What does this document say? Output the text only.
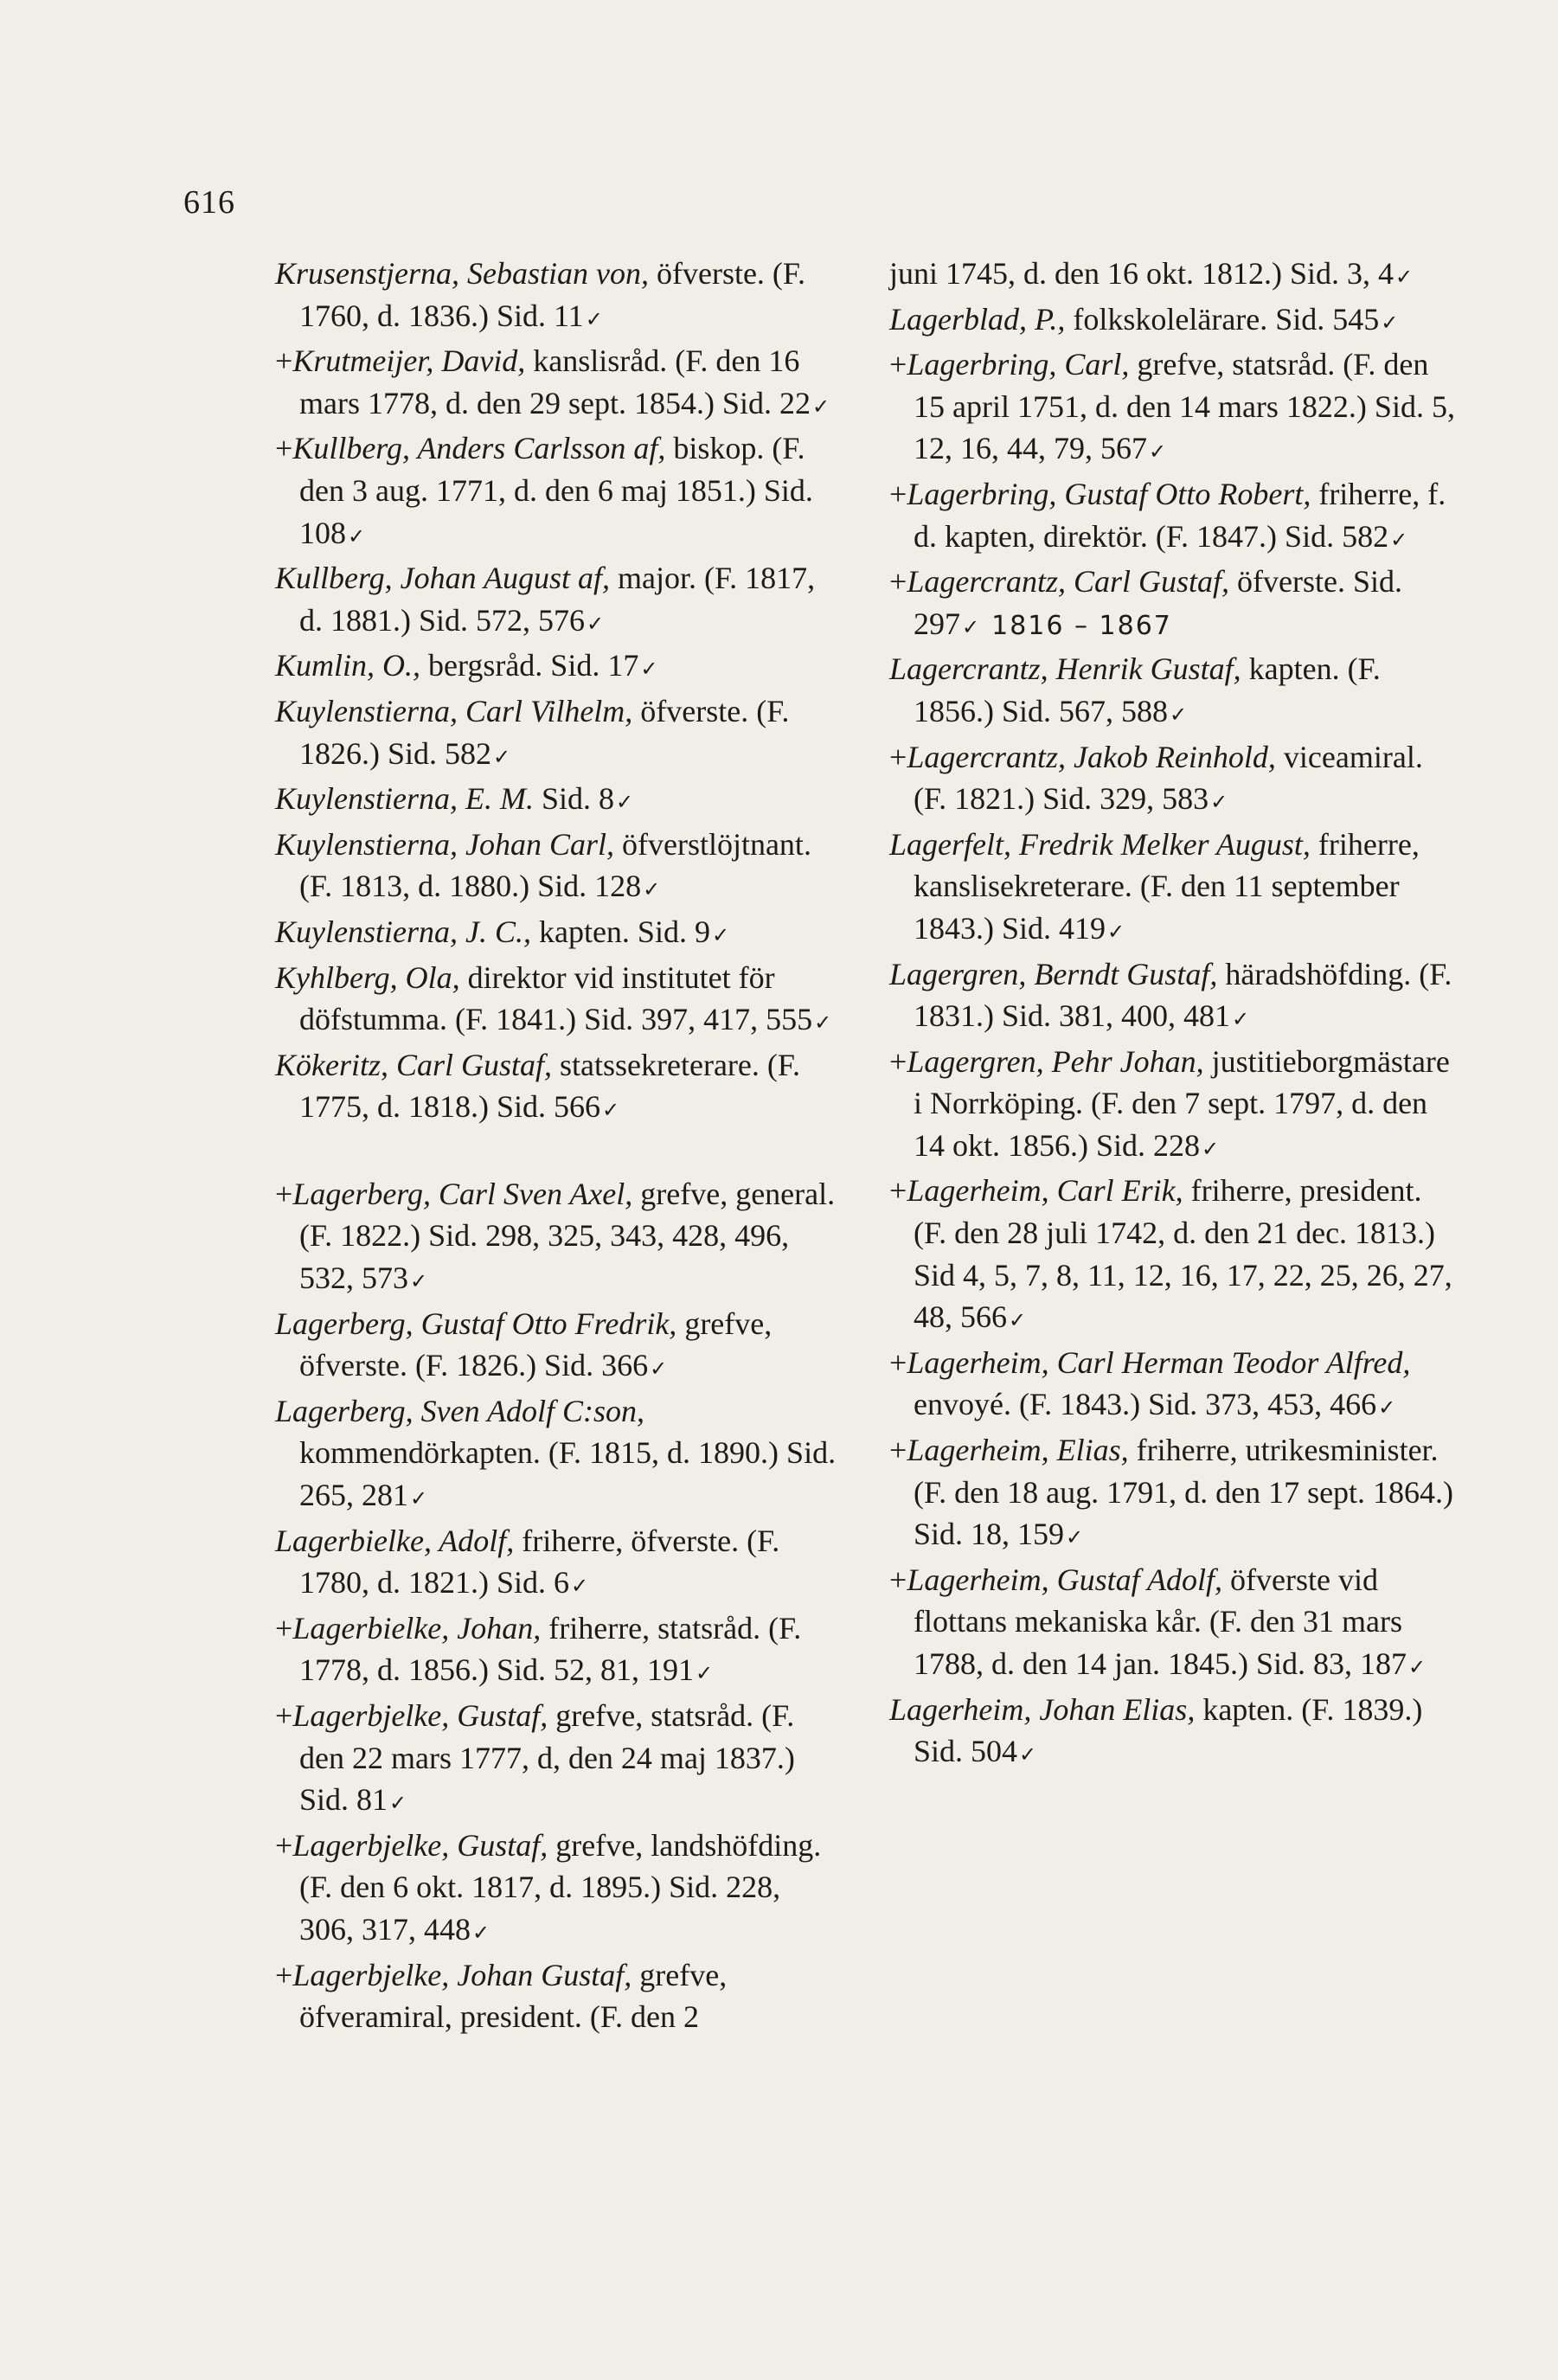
616

Krusenstjerna, Sebastian von, öfverste. (F. 1760, d. 1836.) Sid. 11✓

+Krutmeijer, David, kanslisråd. (F. den 16 mars 1778, d. den 29 sept. 1854.) Sid. 22✓

+Kullberg, Anders Carlsson af, biskop. (F. den 3 aug. 1771, d. den 6 maj 1851.) Sid. 108✓

Kullberg, Johan August af, major. (F. 1817, d. 1881.) Sid. 572, 576✓

Kumlin, O., bergsråd. Sid. 17✓

Kuylenstierna, Carl Vilhelm, öfverste. (F. 1826.) Sid. 582✓

Kuylenstierna, E. M. Sid. 8✓

Kuylenstierna, Johan Carl, öfverstlöjtnant. (F. 1813, d. 1880.) Sid. 128✓

Kuylenstierna, J. C., kapten. Sid. 9✓

Kyhlberg, Ola, direktor vid institutet för döfstumma. (F. 1841.) Sid. 397, 417, 555✓

Kökeritz, Carl Gustaf, statssekreterare. (F. 1775, d. 1818.) Sid. 566✓

+Lagerberg, Carl Sven Axel, grefve, general. (F. 1822.) Sid. 298, 325, 343, 428, 496, 532, 573✓

Lagerberg, Gustaf Otto Fredrik, grefve, öfverste. (F. 1826.) Sid. 366✓

Lagerberg, Sven Adolf C:son, kommendörkapten. (F. 1815, d. 1890.) Sid. 265, 281✓

Lagerbielke, Adolf, friherre, öfverste. (F. 1780, d. 1821.) Sid. 6✓

+Lagerbielke, Johan, friherre, statsråd. (F. 1778, d. 1856.) Sid. 52, 81, 191✓

+Lagerbjelke, Gustaf, grefve, statsråd. (F. den 22 mars 1777, d, den 24 maj 1837.) Sid. 81✓

+Lagerbjelke, Gustaf, grefve, landshöfding. (F. den 6 okt. 1817, d. 1895.) Sid. 228, 306, 317, 448✓

+Lagerbjelke, Johan Gustaf, grefve, öfveramiral, president. (F. den 2

juni 1745, d. den 16 okt. 1812.) Sid. 3, 4✓

Lagerblad, P., folkskolelärare. Sid. 545✓

+Lagerbring, Carl, grefve, statsråd. (F. den 15 april 1751, d. den 14 mars 1822.) Sid. 5, 12, 16, 44, 79, 567✓

+Lagerbring, Gustaf Otto Robert, friherre, f. d. kapten, direktör. (F. 1847.) Sid. 582✓

+Lagercrantz, Carl Gustaf, öfverste. Sid. 297✓ 1816 – 1867

Lagercrantz, Henrik Gustaf, kapten. (F. 1856.) Sid. 567, 588✓

+Lagercrantz, Jakob Reinhold, viceamiral. (F. 1821.) Sid. 329, 583✓

Lagerfelt, Fredrik Melker August, friherre, kanslisekreterare. (F. den 11 september 1843.) Sid. 419✓

Lagergren, Berndt Gustaf, häradshöfding. (F. 1831.) Sid. 381, 400, 481✓

+Lagergren, Pehr Johan, justitieborgmästare i Norrköping. (F. den 7 sept. 1797, d. den 14 okt. 1856.) Sid. 228✓

+Lagerheim, Carl Erik, friherre, president. (F. den 28 juli 1742, d. den 21 dec. 1813.) Sid 4, 5, 7, 8, 11, 12, 16, 17, 22, 25, 26, 27, 48, 566✓

+Lagerheim, Carl Herman Teodor Alfred, envoyé. (F. 1843.) Sid. 373, 453, 466✓

+Lagerheim, Elias, friherre, utrikesminister. (F. den 18 aug. 1791, d. den 17 sept. 1864.) Sid. 18, 159✓

+Lagerheim, Gustaf Adolf, öfverste vid flottans mekaniska kår. (F. den 31 mars 1788, d. den 14 jan. 1845.) Sid. 83, 187✓

Lagerheim, Johan Elias, kapten. (F. 1839.) Sid. 504✓
